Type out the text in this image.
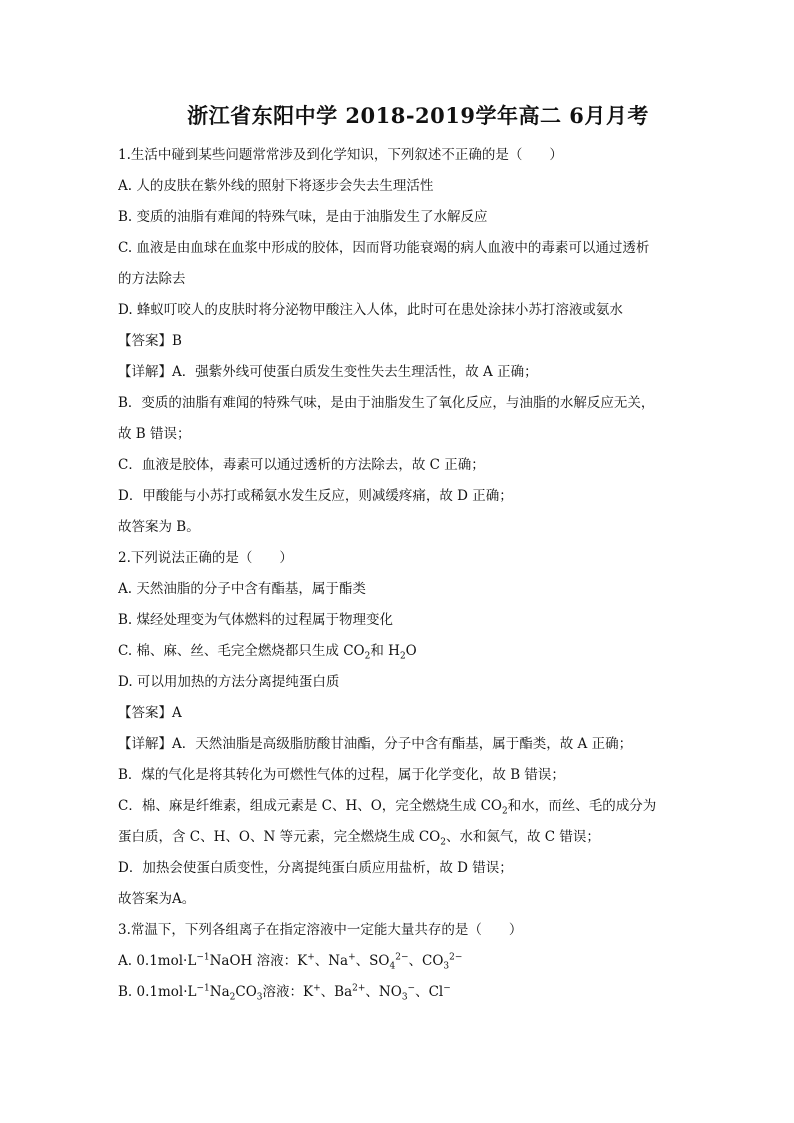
浙江省东阳中学 2018-2019学年高二 6月月考
1.生活中碰到某些问题常常涉及到化学知识，下列叙述不正确的是（　　）
A. 人的皮肤在紫外线的照射下将逐步会失去生理活性
B. 变质的油脂有难闻的特殊气味，是由于油脂发生了水解反应
C. 血液是由血球在血浆中形成的胶体，因而肾功能衰竭的病人血液中的毒素可以通过透析
的方法除去
D. 蜂蚁叮咬人的皮肤时将分泌物甲酸注入人体，此时可在患处涂抹小苏打溶液或氨水
【答案】B
【详解】A．强紫外线可使蛋白质发生变性失去生理活性，故 A 正确；
B．变质的油脂有难闻的特殊气味，是由于油脂发生了氧化反应，与油脂的水解反应无关，
故 B 错误；
C．血液是胶体，毒素可以通过透析的方法除去，故 C 正确；
D．甲酸能与小苏打或稀氨水发生反应，则减缓疼痛，故 D 正确；
故答案为 B。
2.下列说法正确的是（　　）
A. 天然油脂的分子中含有酯基，属于酯类
B. 煤经处理变为气体燃料的过程属于物理变化
C. 棉、麻、丝、毛完全燃烧都只生成 $CO_2$和 $H_2O$
D. 可以用加热的方法分离提纯蛋白质
【答案】A
【详解】A．天然油脂是高级脂肪酸甘油酯，分子中含有酯基，属于酯类，故 A 正确；
B．煤的气化是将其转化为可燃性气体的过程，属于化学变化，故 B 错误；
C．棉、麻是纤维素，组成元素是 C、H、O，完全燃烧生成 $CO_2$和水，而丝、毛的成分为
蛋白质，含 C、H、O、N 等元素，完全燃烧生成 $CO_2$、水和氮气，故 C 错误；
D．加热会使蛋白质变性，分离提纯蛋白质应用盐析，故 D 错误；
故答案为A。
3.常温下，下列各组离子在指定溶液中一定能大量共存的是（　　）
A. $0.1mol\cdot L^{-1}NaOH$ 溶液：K+、Na+、$SO_4^{2-}$、$CO_3^{2-}$
B. $0.1mol\cdot L^{-1}Na_2CO_3$溶液：K+、$Ba^{2+}$、$NO_3^-$、Cl−
